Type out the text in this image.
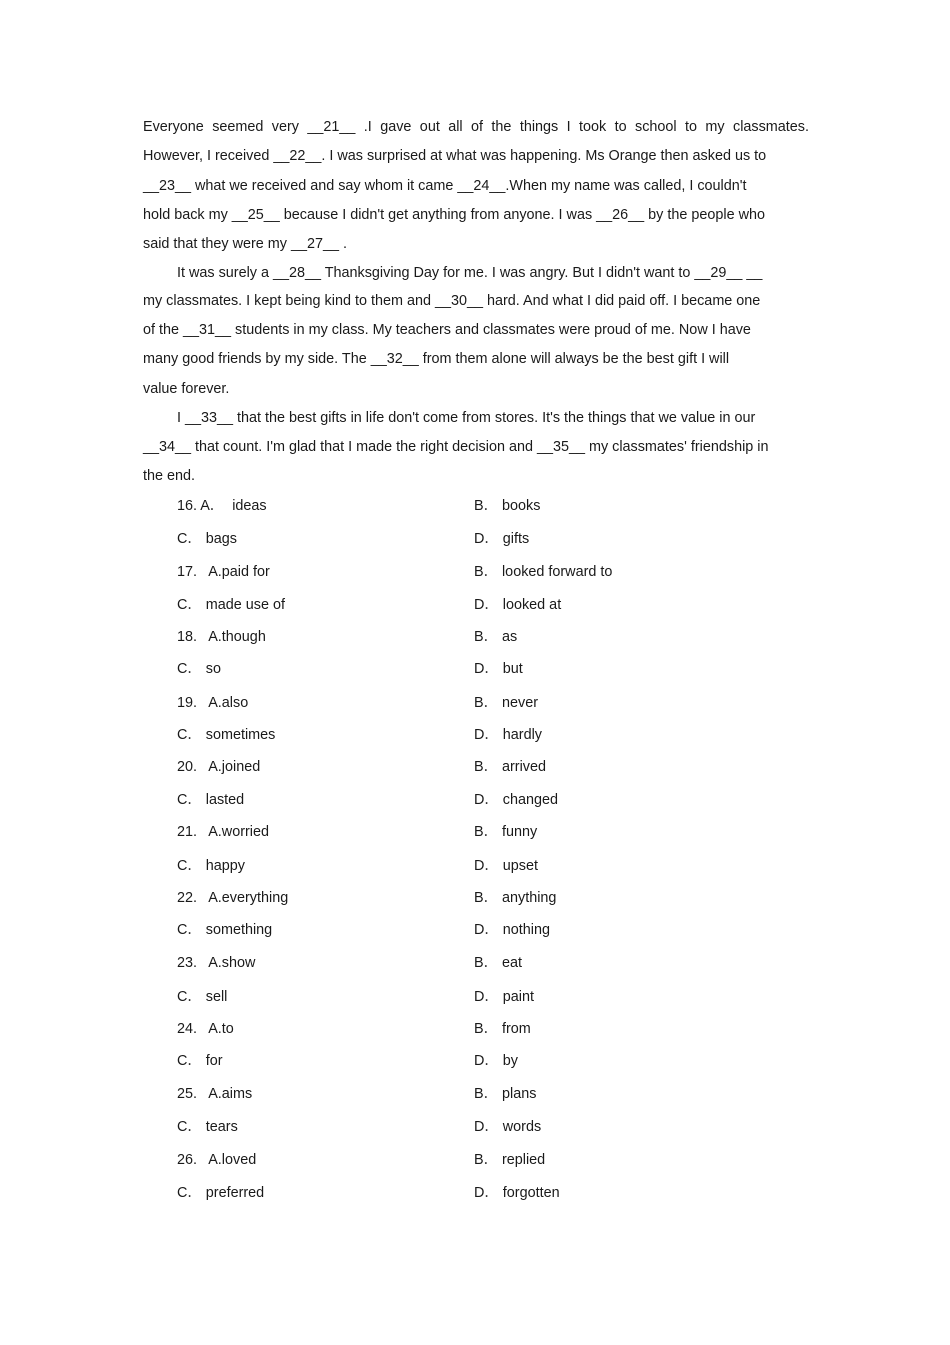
Everyone seemed very __21__ .I gave out all of the things I took to school to my classmates.
However, I received __22__. I was surprised at what was happening. Ms Orange then asked us to
__23__ what we received and say whom it came __24__.When my name was called, I couldn't
hold back my __25__ because I didn't get anything from anyone. I was __26__ by the people who
said that they were my __27__ .
It was surely a __28__ Thanksgiving Day for me. I was angry. But I didn't want to __29__ __
my classmates. I kept being kind to them and __30__ hard. And what I did paid off. I became one
of the __31__ students in my class. My teachers and classmates were proud of me. Now I have
many good friends by my side. The __32__ from them alone will always be the best gift I will
value forever.
I __33__ that the best gifts in life don't come from stores. It's the things that we value in our
__34__ that count. I'm glad that I made the right decision and __35__ my classmates' friendship in
the end.
16. A．  ideas	B． books
C． bags	D． gifts
17.   A.paid for	B． looked forward to
C． made use of	D． looked at
18.   A.though	B． as
C． so	D． but
19.   A.also	B． never
C． sometimes	D． hardly
20.   A.joined	B． arrived
C． lasted	D． changed
21.   A.worried	B． funny
C． happy	D． upset
22.   A.everything	B． anything
C． something	D． nothing
23.   A.show	B． eat
C． sell	D． paint
24.   A.to	B． from
C． for	D． by
25.   A.aims	B． plans
C． tears	D． words
26.   A.loved	B． replied
C． preferred	D． forgotten
